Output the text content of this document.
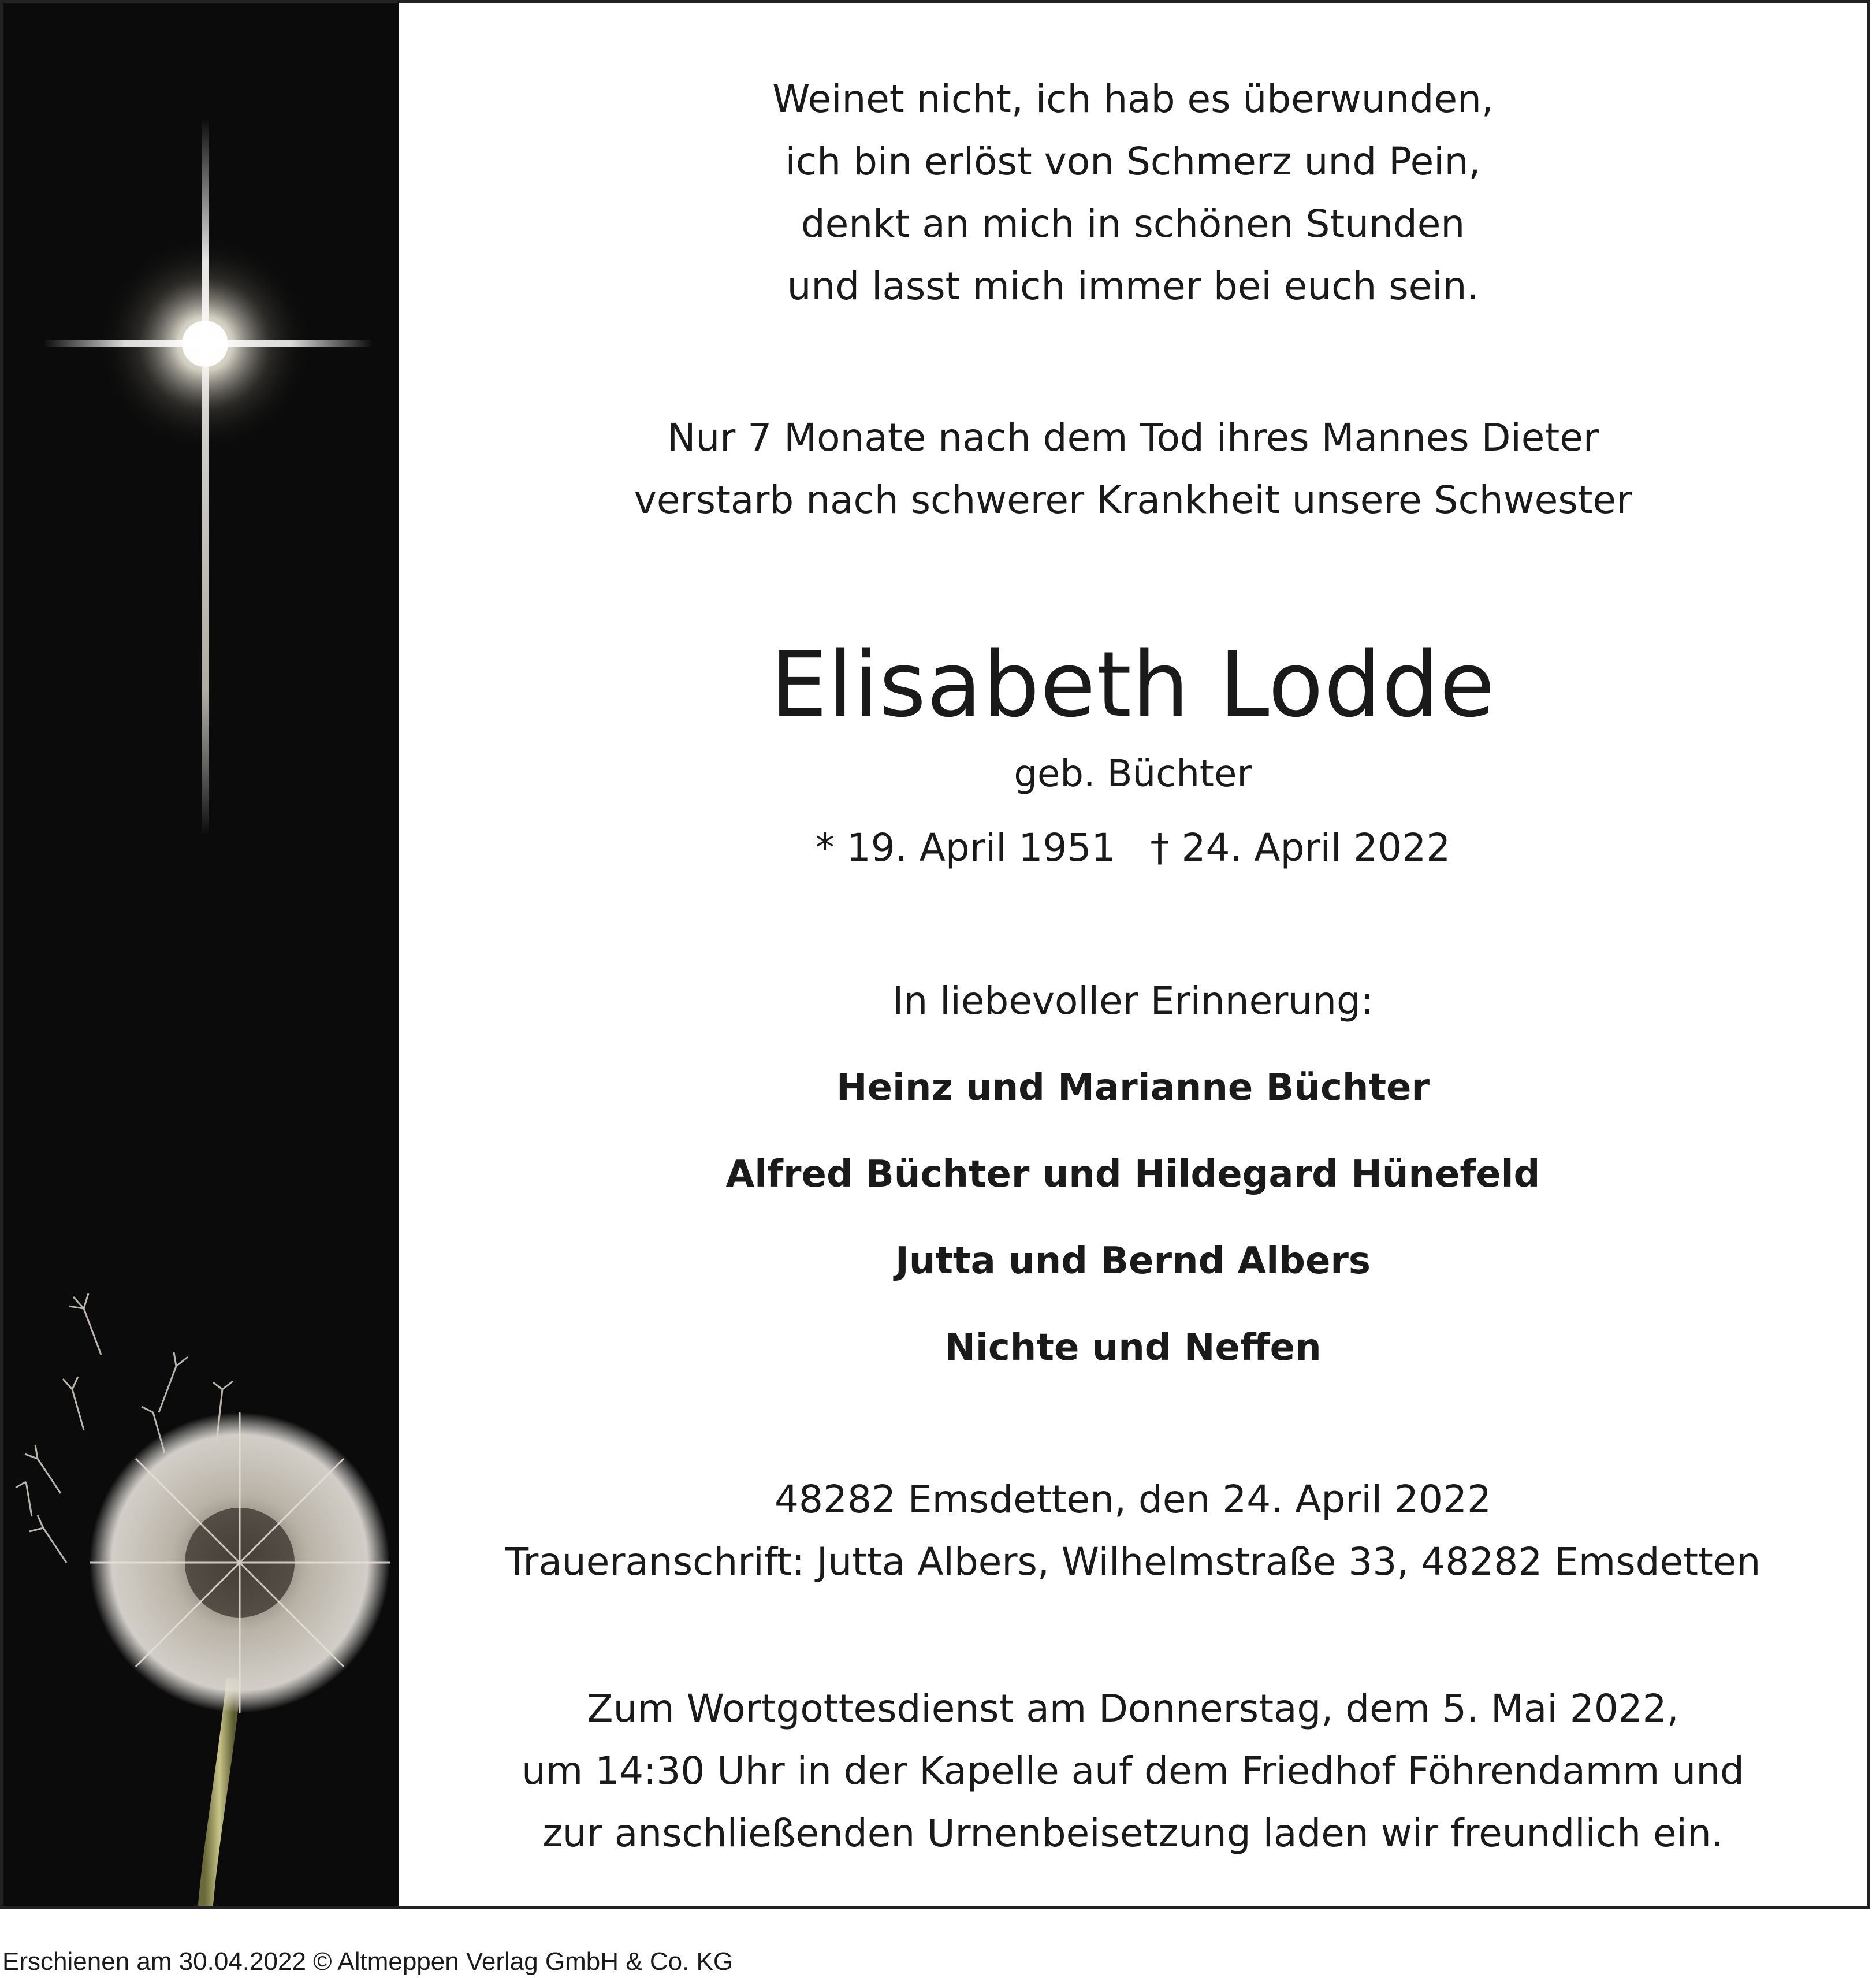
Weinet nicht, ich hab es überwunden,
ich bin erlöst von Schmerz und Pein,
denkt an mich in schönen Stunden
und lasst mich immer bei euch sein.
Nur 7 Monate nach dem Tod ihres Mannes Dieter
verstarb nach schwerer Krankheit unsere Schwester
Elisabeth Lodde
geb. Büchter
* 19. April 1951 † 24. April 2022
In liebevoller Erinnerung:
Heinz und Marianne Büchter
Alfred Büchter und Hildegard Hünefeld
Jutta und Bernd Albers
Nichte und Neffen
48282 Emsdetten, den 24. April 2022
Traueranschrift: Jutta Albers, Wilhelmstraße 33, 48282 Emsdetten
Zum Wortgottesdienst am Donnerstag, dem 5. Mai 2022,
um 14:30 Uhr in der Kapelle auf dem Friedhof Föhrendamm und
zur anschließenden Urnenbeisetzung laden wir freundlich ein.
Erschienen am 30.04.2022 © Altmeppen Verlag GmbH & Co. KG
